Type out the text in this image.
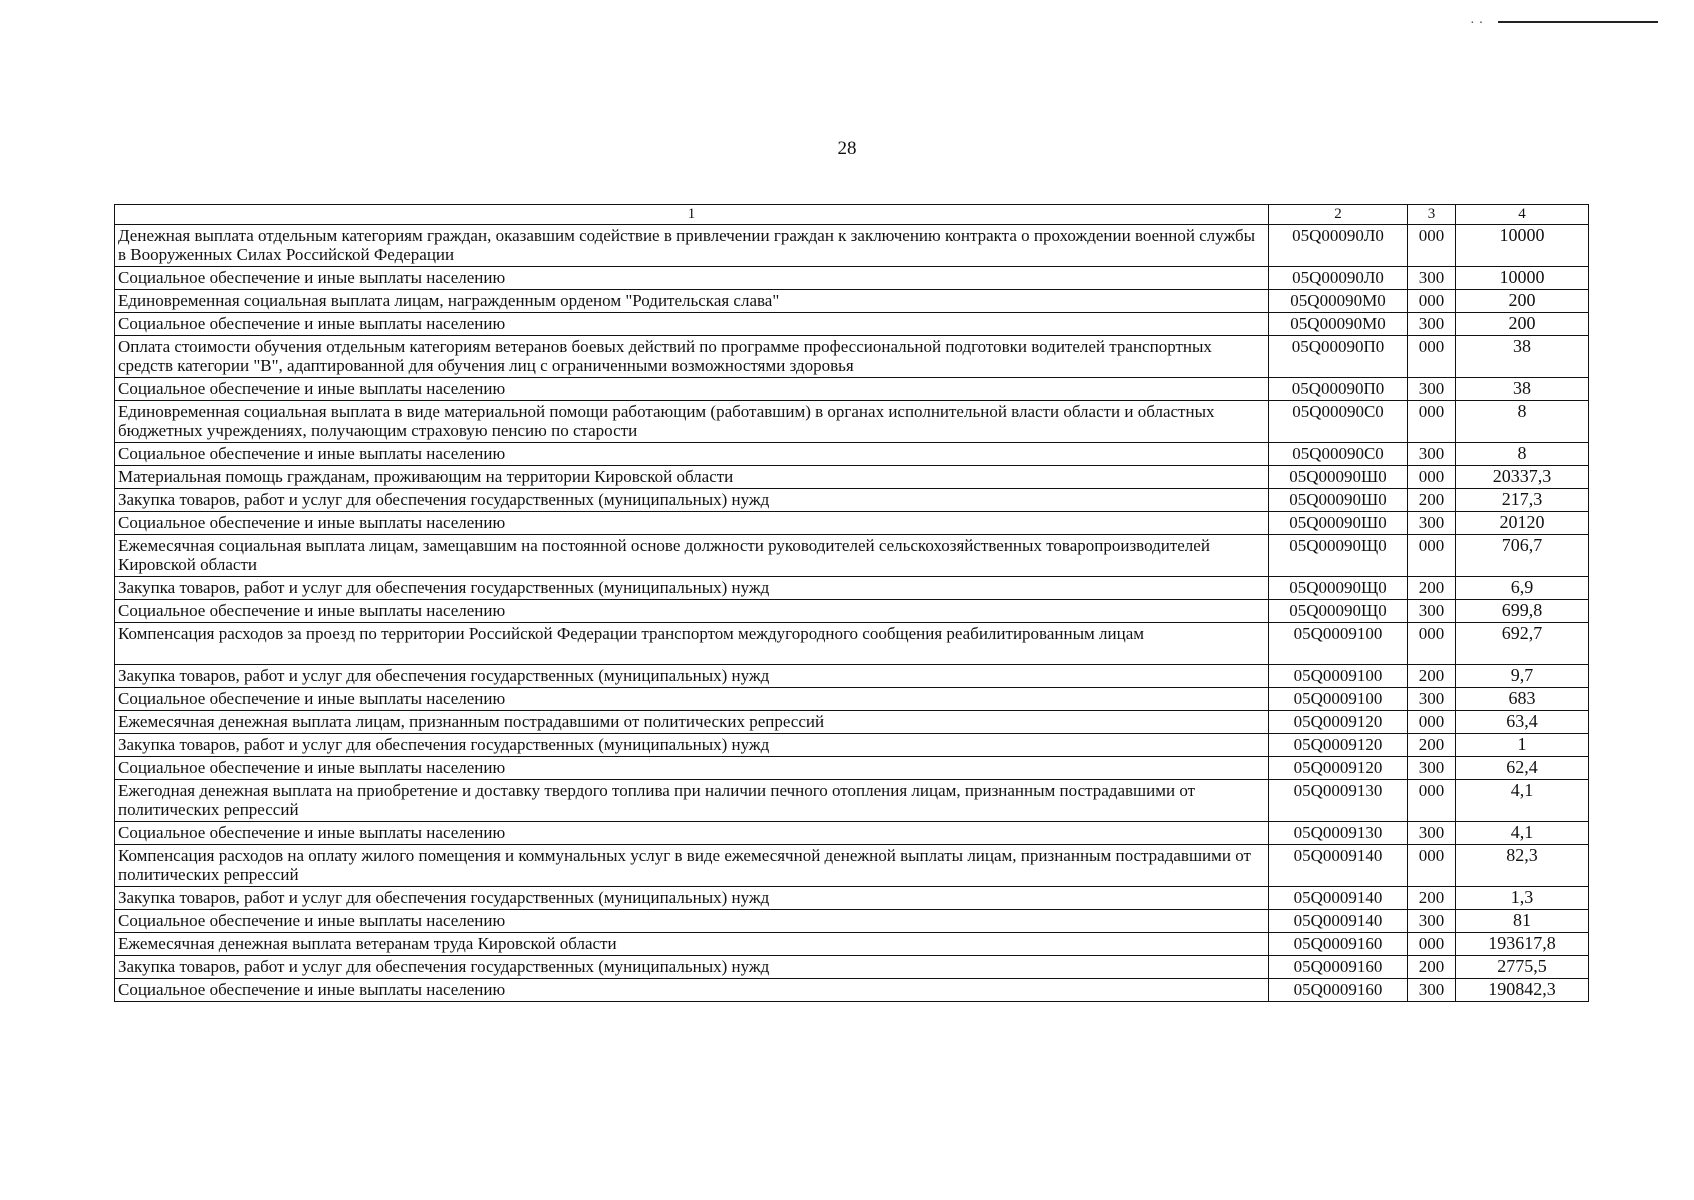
··
28
1	2	3	4
Денежная выплата отдельным категориям граждан, оказавшим содействие в привлечении граждан к заключению контракта о прохождении военной службы в Вооруженных Силах Российской Федерации	05Q00090Л0	000	10000
Социальное обеспечение и иные выплаты населению	05Q00090Л0	300	10000
Единовременная социальная выплата лицам, награжденным орденом "Родительская слава"	05Q00090М0	000	200
Социальное обеспечение и иные выплаты населению	05Q00090М0	300	200
Оплата стоимости обучения отдельным категориям ветеранов боевых действий по программе профессиональной подготовки водителей транспортных средств категории "В", адаптированной для обучения лиц с ограниченными возможностями здоровья	05Q00090П0	000	38
Социальное обеспечение и иные выплаты населению	05Q00090П0	300	38
Единовременная социальная выплата в виде материальной помощи работающим (работавшим) в органах исполнительной власти области и областных бюджетных учреждениях, получающим страховую пенсию по старости	05Q00090С0	000	8
Социальное обеспечение и иные выплаты населению	05Q00090С0	300	8
Материальная помощь гражданам, проживающим на территории Кировской области	05Q00090Ш0	000	20337,3
Закупка товаров, работ и услуг для обеспечения государственных (муниципальных) нужд	05Q00090Ш0	200	217,3
Социальное обеспечение и иные выплаты населению	05Q00090Ш0	300	20120
Ежемесячная социальная выплата лицам, замещавшим на постоянной основе должности руководителей сельскохозяйственных товаропроизводителей Кировской области	05Q00090Щ0	000	706,7
Закупка товаров, работ и услуг для обеспечения государственных (муниципальных) нужд	05Q00090Щ0	200	6,9
Социальное обеспечение и иные выплаты населению	05Q00090Щ0	300	699,8
Компенсация расходов за проезд по территории Российской Федерации транспортом междугородного сообщения реабилитированным лицам	05Q0009100	000	692,7
Закупка товаров, работ и услуг для обеспечения государственных (муниципальных) нужд	05Q0009100	200	9,7
Социальное обеспечение и иные выплаты населению	05Q0009100	300	683
Ежемесячная денежная выплата лицам, признанным пострадавшими от политических репрессий	05Q0009120	000	63,4
Закупка товаров, работ и услуг для обеспечения государственных (муниципальных) нужд	05Q0009120	200	1
Социальное обеспечение и иные выплаты населению	05Q0009120	300	62,4
Ежегодная денежная выплата на приобретение и доставку твердого топлива при наличии печного отопления лицам, признанным пострадавшими от политических репрессий	05Q0009130	000	4,1
Социальное обеспечение и иные выплаты населению	05Q0009130	300	4,1
Компенсация расходов на оплату жилого помещения и коммунальных услуг в виде ежемесячной денежной выплаты лицам, признанным пострадавшими от политических репрессий	05Q0009140	000	82,3
Закупка товаров, работ и услуг для обеспечения государственных (муниципальных) нужд	05Q0009140	200	1,3
Социальное обеспечение и иные выплаты населению	05Q0009140	300	81
Ежемесячная денежная выплата ветеранам труда Кировской области	05Q0009160	000	193617,8
Закупка товаров, работ и услуг для обеспечения государственных (муниципальных) нужд	05Q0009160	200	2775,5
Социальное обеспечение и иные выплаты населению	05Q0009160	300	190842,3
